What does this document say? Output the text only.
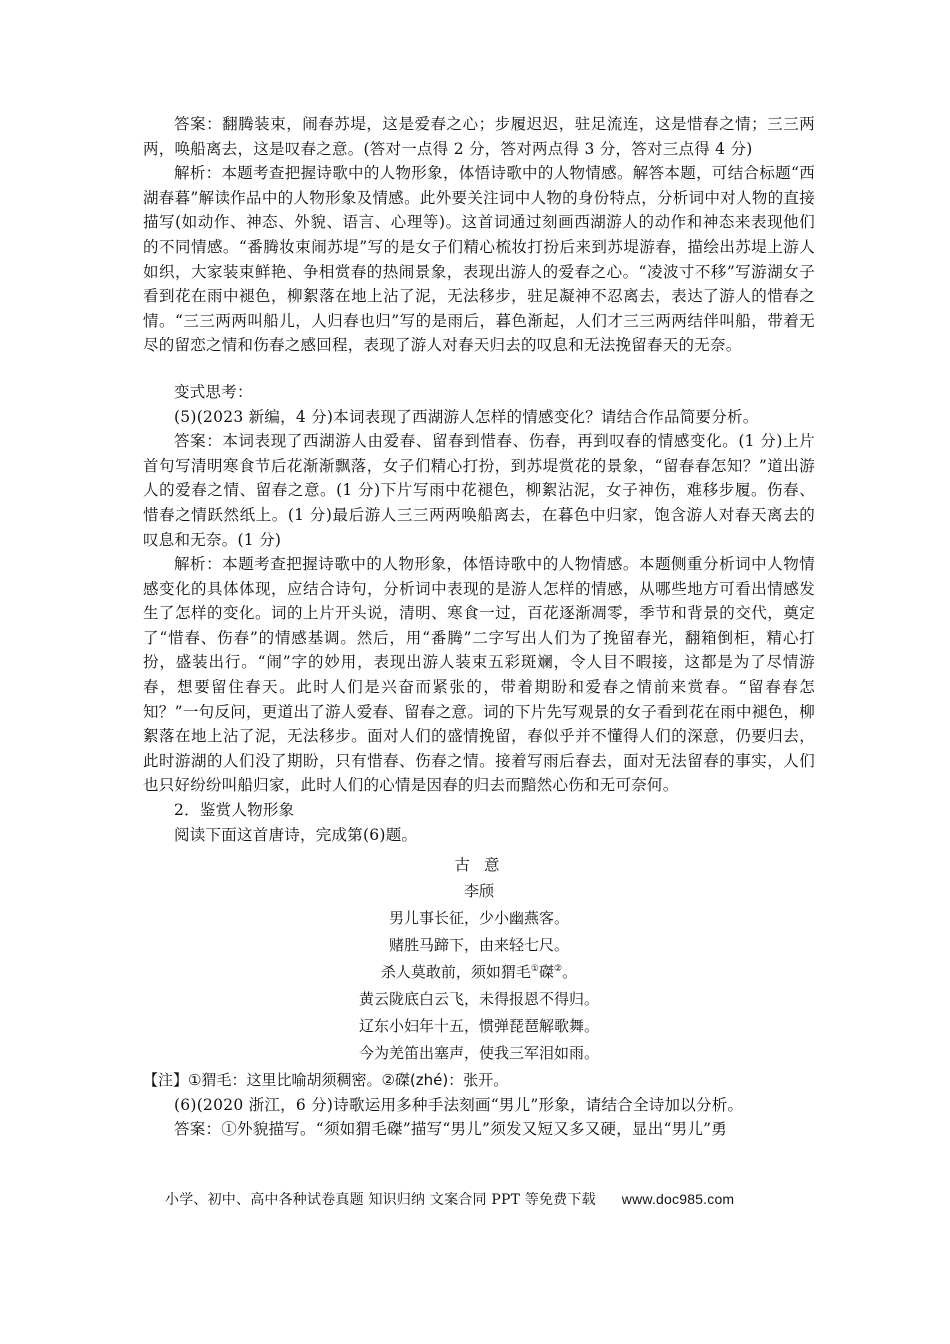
答案：翻腾装束，闹春苏堤，这是爱春之心；步履迟迟，驻足流连，这是惜春之情；三三两两，唤船离去，这是叹春之意。(答对一点得 2 分，答对两点得 3 分，答对三点得 4 分)

解析：本题考查把握诗歌中的人物形象，体悟诗歌中的人物情感。解答本题，可结合标题“西湖春暮”解读作品中的人物形象及情感。此外要关注词中人物的身份特点，分析词中对人物的直接描写(如动作、神态、外貌、语言、心理等)。这首词通过刻画西湖游人的动作和神态来表现他们的不同情感。“番腾妆束闹苏堤”写的是女子们精心梳妆打扮后来到苏堤游春，描绘出苏堤上游人如织，大家装束鲜艳、争相赏春的热闹景象，表现出游人的爱春之心。“凌波寸不移”写游湖女子看到花在雨中褪色，柳絮落在地上沾了泥，无法移步，驻足凝神不忍离去，表达了游人的惜春之情。“三三两两叫船儿，人归春也归”写的是雨后，暮色渐起，人们才三三两两结伴叫船，带着无尽的留恋之情和伤春之感回程，表现了游人对春天归去的叹息和无法挽留春天的无奈。

变式思考：

(5)(2023 新编，4 分)本词表现了西湖游人怎样的情感变化？请结合作品简要分析。

答案：本词表现了西湖游人由爱春、留春到惜春、伤春，再到叹春的情感变化。(1 分)上片首句写清明寒食节后花渐渐飘落，女子们精心打扮，到苏堤赏花的景象，“留春春怎知？”道出游人的爱春之情、留春之意。(1 分)下片写雨中花褪色，柳絮沾泥，女子神伤，难移步履。伤春、惜春之情跃然纸上。(1 分)最后游人三三两两唤船离去，在暮色中归家，饱含游人对春天离去的叹息和无奈。(1 分)

解析：本题考查把握诗歌中的人物形象，体悟诗歌中的人物情感。本题侧重分析词中人物情感变化的具体体现，应结合诗句，分析词中表现的是游人怎样的情感，从哪些地方可看出情感发生了怎样的变化。词的上片开头说，清明、寒食一过，百花逐渐凋零，季节和背景的交代，奠定了“惜春、伤春”的情感基调。然后，用“番腾”二字写出人们为了挽留春光，翻箱倒柜，精心打扮，盛装出行。“闹”字的妙用，表现出游人装束五彩斑斓，令人目不暇接，这都是为了尽情游春，想要留住春天。此时人们是兴奋而紧张的，带着期盼和爱春之情前来赏春。“留春春怎知？”一句反问，更道出了游人爱春、留春之意。词的下片先写观景的女子看到花在雨中褪色，柳絮落在地上沾了泥，无法移步。面对人们的盛情挽留，春似乎并不懂得人们的深意，仍要归去，此时游湖的人们没了期盼，只有惜春、伤春之情。接着写雨后春去，面对无法留春的事实，人们也只好纷纷叫船归家，此时人们的心情是因春的归去而黯然心伤和无可奈何。

2．鉴赏人物形象

阅读下面这首唐诗，完成第(6)题。

古意

李颀

男儿事长征，少小幽燕客。

赌胜马蹄下，由来轻七尺。

杀人莫敢前，须如猬毛①磔②。

黄云陇底白云飞，未得报恩不得归。

辽东小妇年十五，惯弹琵琶解歌舞。

今为羌笛出塞声，使我三军泪如雨。

【注】①猬毛：这里比喻胡须稠密。②磔(zhé)：张开。

(6)(2020 浙江，6 分)诗歌运用多种手法刻画“男儿”形象，请结合全诗加以分析。

答案：①外貌描写。“须如猬毛磔”描写“男儿”须发又短又多又硬，显出“男儿”勇

小学、初中、高中各种试卷真题 知识归纳 文案合同 PPT 等免费下载 www.doc985.com
